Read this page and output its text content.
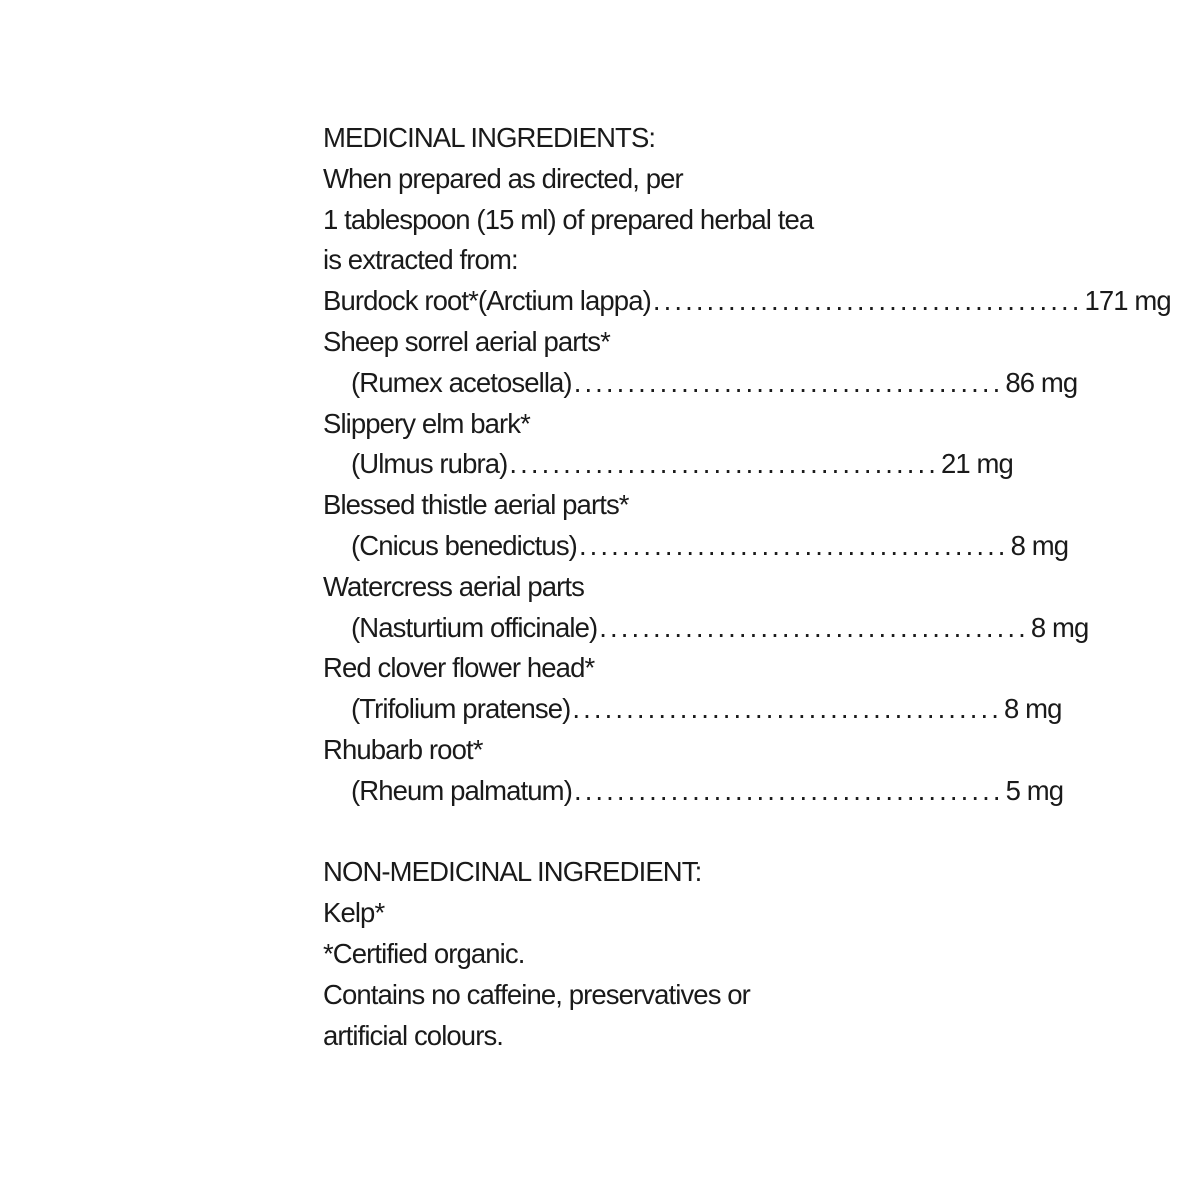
MEDICINAL INGREDIENTS:
When prepared as directed, per
1 tablespoon (15 ml) of prepared herbal tea
is extracted from:
Burdock root*(Arctium lappa) ........................................ 171 mg
Sheep sorrel aerial parts*
(Rumex acetosella) ........................................ 86 mg
Slippery elm bark*
(Ulmus rubra) ........................................ 21 mg
Blessed thistle aerial parts*
(Cnicus benedictus) ........................................ 8 mg
Watercress aerial parts
(Nasturtium officinale) ........................................ 8 mg
Red clover flower head*
(Trifolium pratense) ........................................ 8 mg
Rhubarb root*
(Rheum palmatum) ........................................ 5 mg
NON-MEDICINAL INGREDIENT:
Kelp*
*Certified organic.
Contains no caffeine, preservatives or
artificial colours.
